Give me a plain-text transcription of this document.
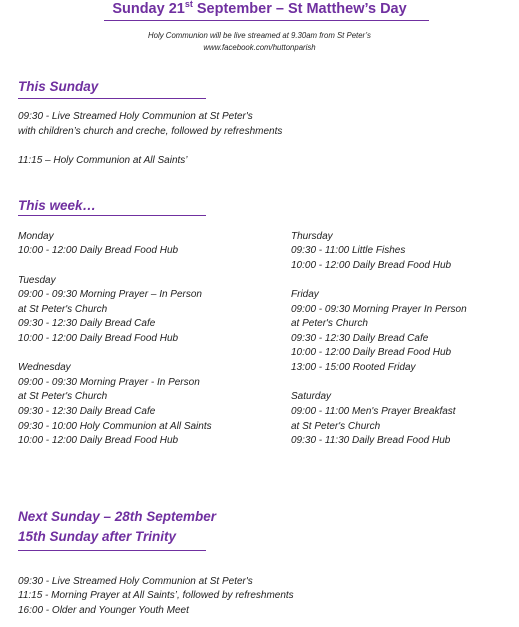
Sunday 21st September – St Matthew’s Day
Holy Communion will be live streamed at 9.30am from St Peter’s
www.facebook.com/huttonparish
This Sunday
09:30 - Live Streamed Holy Communion at St Peter's
with children’s church and creche, followed by refreshments
11:15 – Holy Communion at All Saints’
This week…
Monday
10:00 - 12:00 Daily Bread Food Hub
Tuesday
09:00 - 09:30 Morning Prayer – In Person
at St Peter's Church
09:30 - 12:30 Daily Bread Cafe
10:00 - 12:00 Daily Bread Food Hub
Wednesday
09:00 - 09:30 Morning Prayer - In Person
at St Peter's Church
09:30 - 12:30 Daily Bread Cafe
09:30 - 10:00 Holy Communion at All Saints
10:00 - 12:00 Daily Bread Food Hub
Thursday
09:30 - 11:00 Little Fishes
10:00 - 12:00 Daily Bread Food Hub
Friday
09:00 - 09:30 Morning Prayer In Person
at Peter's Church
09:30 - 12:30 Daily Bread Cafe
10:00 - 12:00 Daily Bread Food Hub
13:00 - 15:00 Rooted Friday
Saturday
09:00 - 11:00 Men's Prayer Breakfast
at St Peter's Church
09:30 - 11:30 Daily Bread Food Hub
Next Sunday – 28th September
15th Sunday after Trinity
09:30 - Live Streamed Holy Communion at St Peter's
11:15 - Morning Prayer at All Saints’, followed by refreshments
16:00 - Older and Younger Youth Meet
